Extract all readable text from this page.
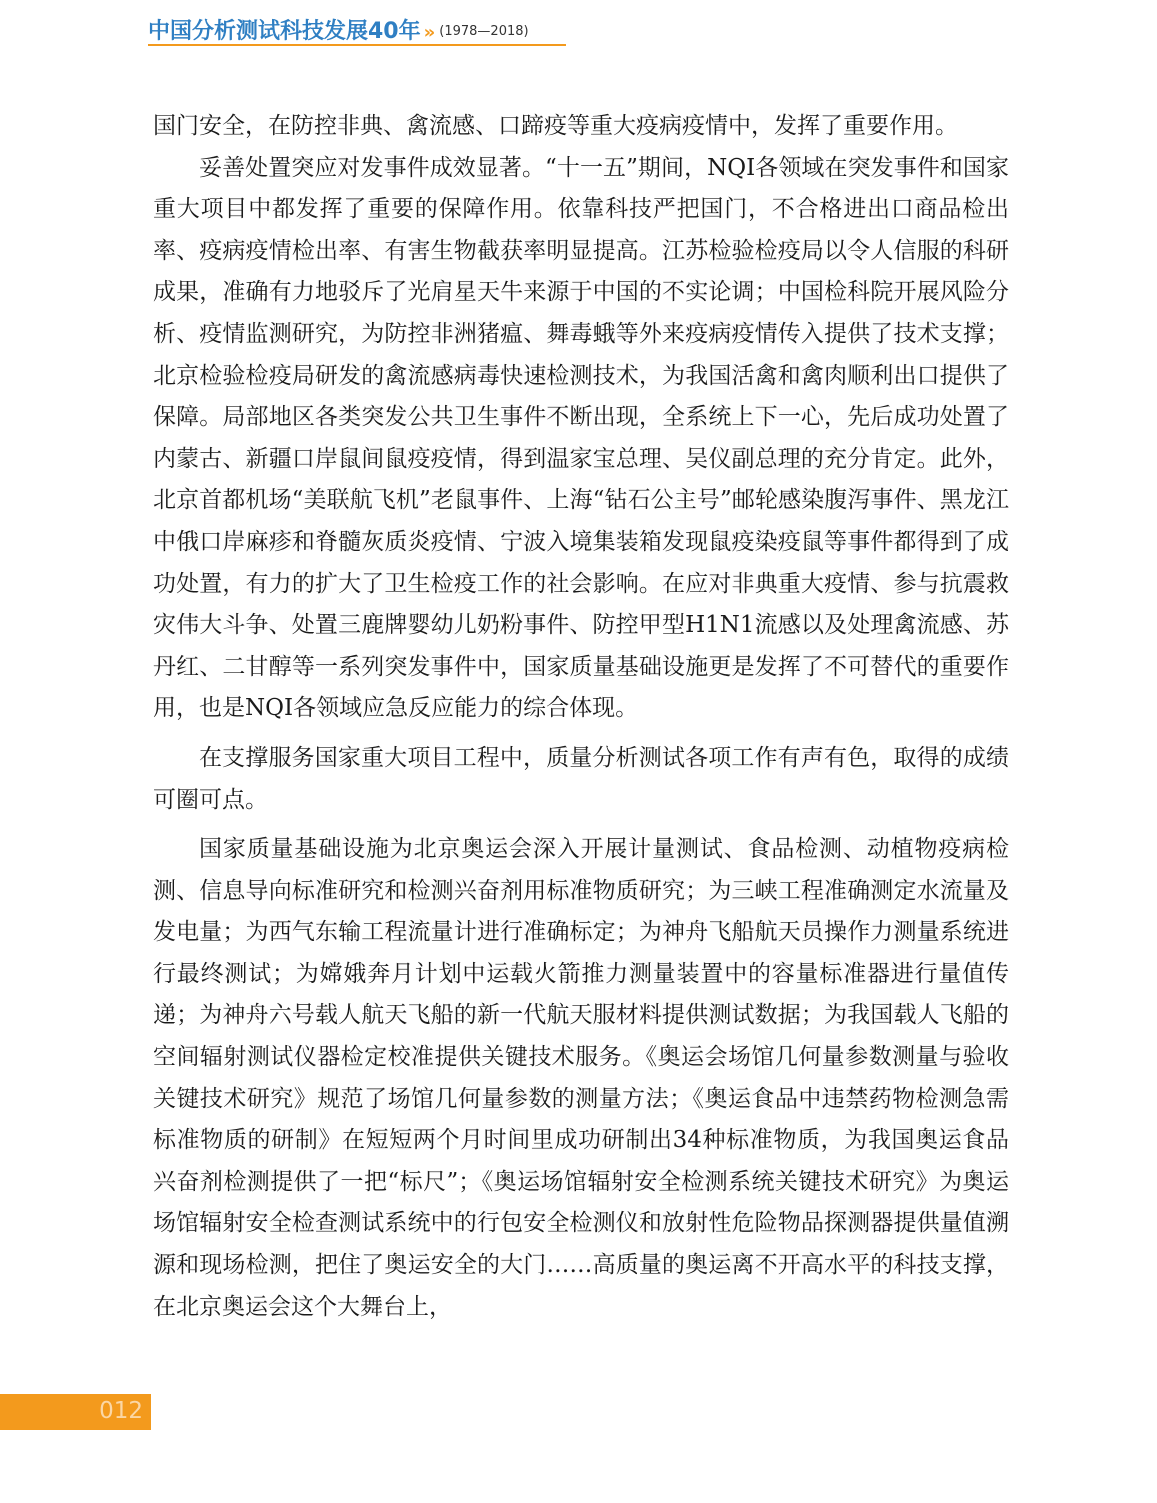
中国分析测试科技发展40年 » (1978—2018)

国门安全，在防控非典、禽流感、口蹄疫等重大疫病疫情中，发挥了重要作用。

妥善处置突应对发事件成效显著。“十一五”期间，NQI各领域在突发事件和国家重大项目中都发挥了重要的保障作用。依靠科技严把国门，不合格进出口商品检出率、疫病疫情检出率、有害生物截获率明显提高。江苏检验检疫局以令人信服的科研成果，准确有力地驳斥了光肩星天牛来源于中国的不实论调；中国检科院开展风险分析、疫情监测研究，为防控非洲猪瘟、舞毒蛾等外来疫病疫情传入提供了技术支撑；北京检验检疫局研发的禽流感病毒快速检测技术，为我国活禽和禽肉顺利出口提供了保障。局部地区各类突发公共卫生事件不断出现，全系统上下一心，先后成功处置了内蒙古、新疆口岸鼠间鼠疫疫情，得到温家宝总理、吴仪副总理的充分肯定。此外，北京首都机场“美联航飞机”老鼠事件、上海“钻石公主号”邮轮感染腹泻事件、黑龙江中俄口岸麻疹和脊髓灰质炎疫情、宁波入境集装箱发现鼠疫染疫鼠等事件都得到了成功处置，有力的扩大了卫生检疫工作的社会影响。在应对非典重大疫情、参与抗震救灾伟大斗争、处置三鹿牌婴幼儿奶粉事件、防控甲型H1N1流感以及处理禽流感、苏丹红、二甘醇等一系列突发事件中，国家质量基础设施更是发挥了不可替代的重要作用，也是NQI各领域应急反应能力的综合体现。

在支撑服务国家重大项目工程中，质量分析测试各项工作有声有色，取得的成绩可圈可点。

国家质量基础设施为北京奥运会深入开展计量测试、食品检测、动植物疫病检测、信息导向标准研究和检测兴奋剂用标准物质研究；为三峡工程准确测定水流量及发电量；为西气东输工程流量计进行准确标定；为神舟飞船航天员操作力测量系统进行最终测试；为嫦娥奔月计划中运载火箭推力测量装置中的容量标准器进行量值传递；为神舟六号载人航天飞船的新一代航天服材料提供测试数据；为我国载人飞船的空间辐射测试仪器检定校准提供关键技术服务。《奥运会场馆几何量参数测量与验收关键技术研究》规范了场馆几何量参数的测量方法；《奥运食品中违禁药物检测急需标准物质的研制》在短短两个月时间里成功研制出34种标准物质，为我国奥运食品兴奋剂检测提供了一把“标尺”；《奥运场馆辐射安全检测系统关键技术研究》为奥运场馆辐射安全检查测试系统中的行包安全检测仪和放射性危险物品探测器提供量值溯源和现场检测，把住了奥运安全的大门……高质量的奥运离不开高水平的科技支撑，在北京奥运会这个大舞台上，

012
